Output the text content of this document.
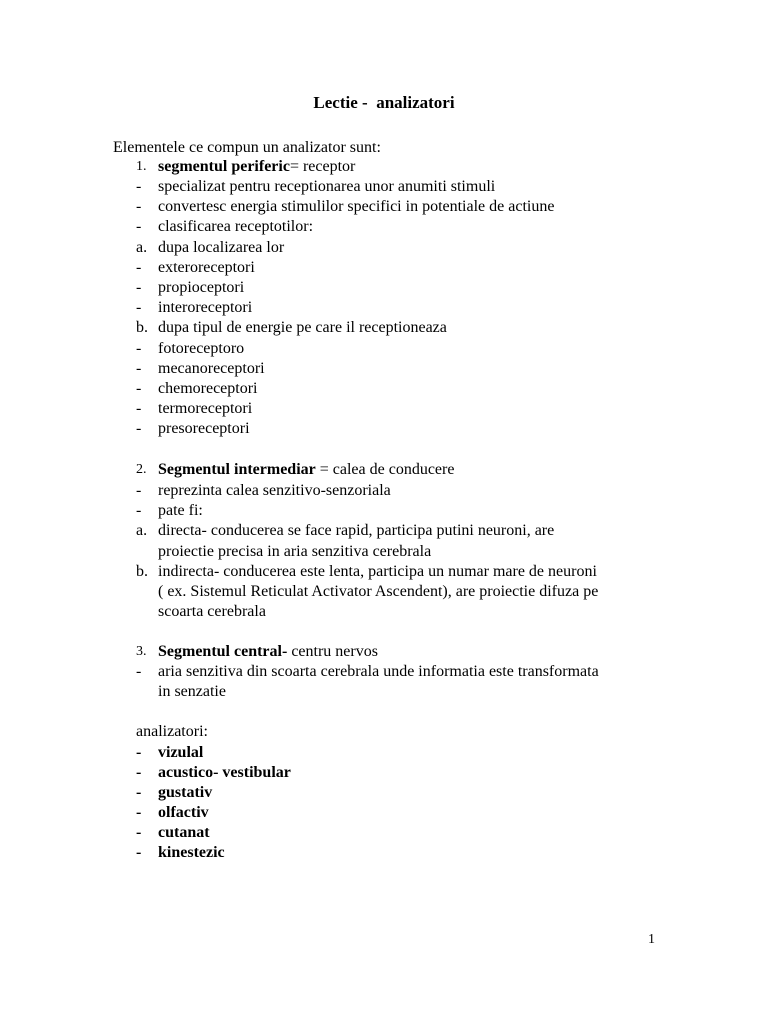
Lectie -  analizatori
Elementele ce compun un analizator sunt:
1. segmentul periferic= receptor
- specializat pentru receptionarea unor anumiti stimuli
- convertesc energia stimulilor specifici in potentiale de actiune
- clasificarea receptotilor:
a. dupa localizarea lor
- exteroreceptori
- propioceptori
- interoreceptori
b. dupa tipul de energie pe care il receptioneaza
- fotoreceptoro
- mecanoreceptori
- chemoreceptori
- termoreceptori
- presoreceptori
2. Segmentul intermediar = calea de conducere
- reprezinta calea senzitivo-senzoriala
- pate fi:
a. directa- conducerea se face rapid, participa putini neuroni, are
proiectie precisa in aria senzitiva cerebrala
b. indirecta- conducerea este lenta, participa un numar mare de neuroni
( ex. Sistemul Reticulat Activator Ascendent), are proiectie difuza pe
scoarta cerebrala
3. Segmentul central- centru nervos
- aria senzitiva din scoarta cerebrala unde informatia este transformata
in senzatie
analizatori:
- vizulal
- acustico- vestibular
- gustativ
- olfactiv
- cutanat
- kinestezic
1
